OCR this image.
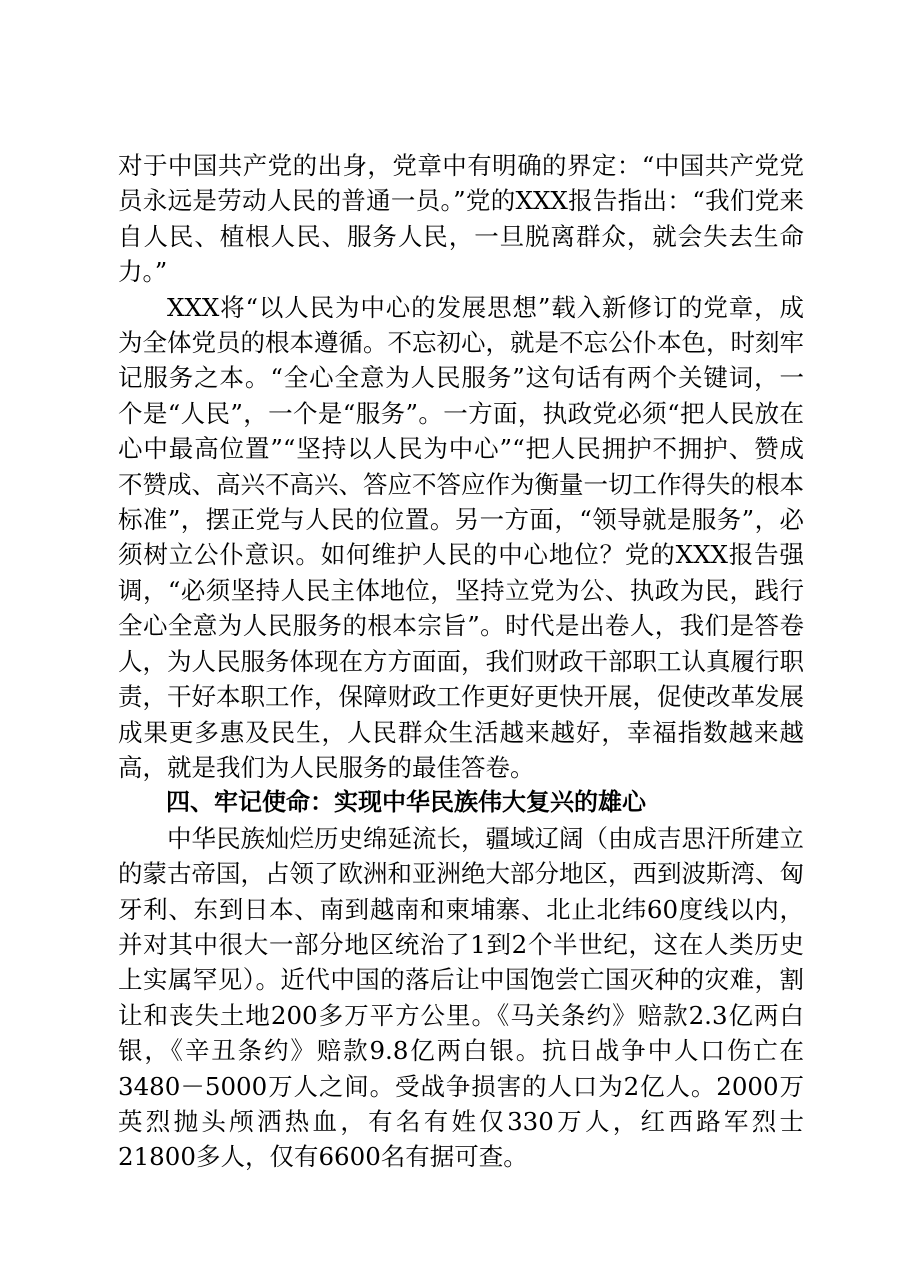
对于中国共产党的出身，党章中有明确的界定：“中国共产党党员永远是劳动人民的普通一员。”党的XXX报告指出：“我们党来自人民、植根人民、服务人民，一旦脱离群众，就会失去生命力。”

XXX将“以人民为中心的发展思想”载入新修订的党章，成为全体党员的根本遵循。不忘初心，就是不忘公仆本色，时刻牢记服务之本。“全心全意为人民服务”这句话有两个关键词，一个是“人民”，一个是“服务”。一方面，执政党必须“把人民放在心中最高位置”“坚持以人民为中心”“把人民拥护不拥护、赞成不赞成、高兴不高兴、答应不答应作为衡量一切工作得失的根本标准”，摆正党与人民的位置。另一方面，“领导就是服务”，必须树立公仆意识。如何维护人民的中心地位？党的XXX报告强调，“必须坚持人民主体地位，坚持立党为公、执政为民，践行全心全意为人民服务的根本宗旨”。时代是出卷人，我们是答卷人，为人民服务体现在方方面面，我们财政干部职工认真履行职责，干好本职工作，保障财政工作更好更快开展，促使改革发展成果更多惠及民生，人民群众生活越来越好，幸福指数越来越高，就是我们为人民服务的最佳答卷。

四、牢记使命：实现中华民族伟大复兴的雄心

中华民族灿烂历史绵延流长，疆域辽阔（由成吉思汗所建立的蒙古帝国，占领了欧洲和亚洲绝大部分地区，西到波斯湾、匈牙利、东到日本、南到越南和柬埔寨、北止北纬60度线以内，并对其中很大一部分地区统治了1到2个半世纪，这在人类历史上实属罕见）。近代中国的落后让中国饱尝亡国灭种的灾难，割让和丧失土地200多万平方公里。《马关条约》赔款2.3亿两白银，《辛丑条约》赔款9.8亿两白银。抗日战争中人口伤亡在3480－5000万人之间。受战争损害的人口为2亿人。2000万英烈抛头颅洒热血，有名有姓仅330万人，红西路军烈士21800多人，仅有6600名有据可查。
